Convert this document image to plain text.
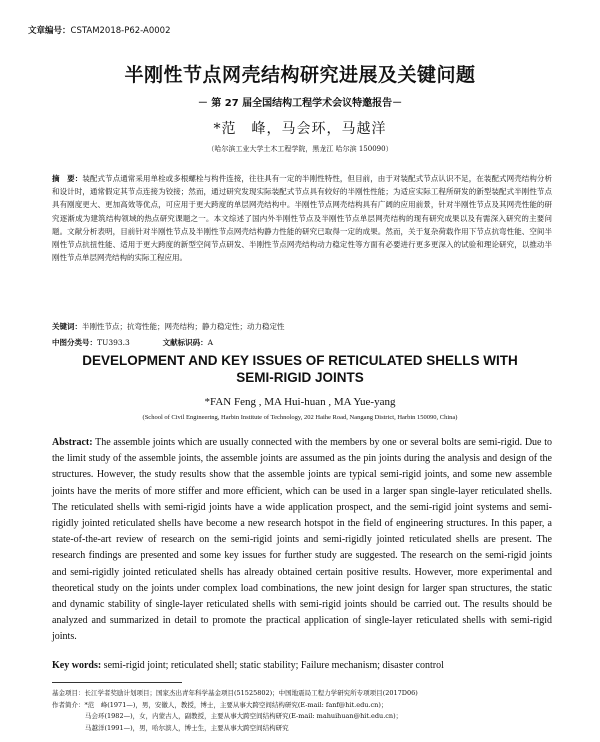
文章编号：CSTAM2018-P62-A0002
半刚性节点网壳结构研究进展及关键问题
－ 第 27 届全国结构工程学术会议特邀报告－
*范　峰，马会环，马越洋
（哈尔滨工业大学土木工程学院，黑龙江 哈尔滨 150090）
摘　要：装配式节点通常采用单栓或多根螺栓与构件连接，往往具有一定的半刚性特性，但目前，由于对装配式节点认识不足，在装配式网壳结构分析和设计时，通常假定其节点连接为铰接；然而，通过研究发现实际装配式节点具有较好的半刚性性能；为适应实际工程所研发的新型装配式半刚性节点具有刚度更大、更加高效等优点，可应用于更大跨度的单层网壳结构中。半刚性节点网壳结构具有广阔的应用前景，针对半刚性节点及其网壳性能的研究逐渐成为建筑结构领域的热点研究课题之一。本文综述了国内外半刚性节点及半刚性节点单层网壳结构的现有研究成果以及有需深入研究的主要问题。文献分析表明，目前针对半刚性节点及半刚性节点网壳结构静力性能的研究已取得一定的成果。然而，关于复杂荷载作用下节点抗弯性能、空间半刚性节点抗扭性能、适用于更大跨度的新型空间节点研发、半刚性节点网壳结构动力稳定性等方面有必要进行更多更深入的试验和理论研究，以推动半刚性节点单层网壳结构的实际工程应用。
关键词：半刚性节点；抗弯性能；网壳结构；静力稳定性；动力稳定性
中图分类号：TU393.3	文献标识码：A
DEVELOPMENT AND KEY ISSUES OF RETICULATED SHELLS WITH
SEMI-RIGID JOINTS
*FAN Feng , MA Hui-huan , MA Yue-yang
(School of Civil Engineering, Harbin Institute of Technology, 202 Haihe Road, Nangang District, Harbin 150090, China)
Abstract: The assemble joints which are usually connected with the members by one or several bolts are semi-rigid. Due to the limit study of the assemble joints, the assemble joints are assumed as the pin joints during the analysis and design of the structures. However, the study results show that the assemble joints are typical semi-rigid joints, and some new assemble joints have the merits of more stiffer and more efficient, which can be used in a larger span single-layer reticulated shells. The reticulated shells with semi-rigid joints have a wide application prospect, and the semi-rigid joint systems and semi-rigidly jointed reticulated shells have become a new research hotspot in the field of engineering structures. In this paper, a state-of-the-art review of research on the semi-rigid joints and semi-rigidly jointed reticulated shells are present. The research findings are presented and some key issues for further study are suggested. The research on the semi-rigid joints and semi-rigidly jointed reticulated shells has already obtained certain positive results. However, more experimental and theoretical study on the joints under complex load combinations, the new joint design for larger span structures, the static and dynamic stability of single-layer reticulated shells with semi-rigid joints should be carried out. The results should be analyzed and summarized in detail to promote the practical application of single-layer reticulated shells with semi-rigid joints.
Key words: semi-rigid joint; reticulated shell; static stability; Failure mechanism; disaster control
基金项目：长江学者奖励计划项目；国家杰出青年科学基金项目(51525802)；中国地震局工程力学研究所专项项目(2017D06)
作者简介：*范　峰(1971—)，男，安徽人，教授，博士，主要从事大跨空间结构研究(E-mail: fanf@hit.edu.cn)；
马会环(1982—)，女，内蒙古人，副教授，主要从事大跨空间结构研究(E-mail: mahuihuan@hit.edu.cn)；
马越洋(1991—)，男，哈尔滨人，博士生，主要从事大跨空间结构研究
